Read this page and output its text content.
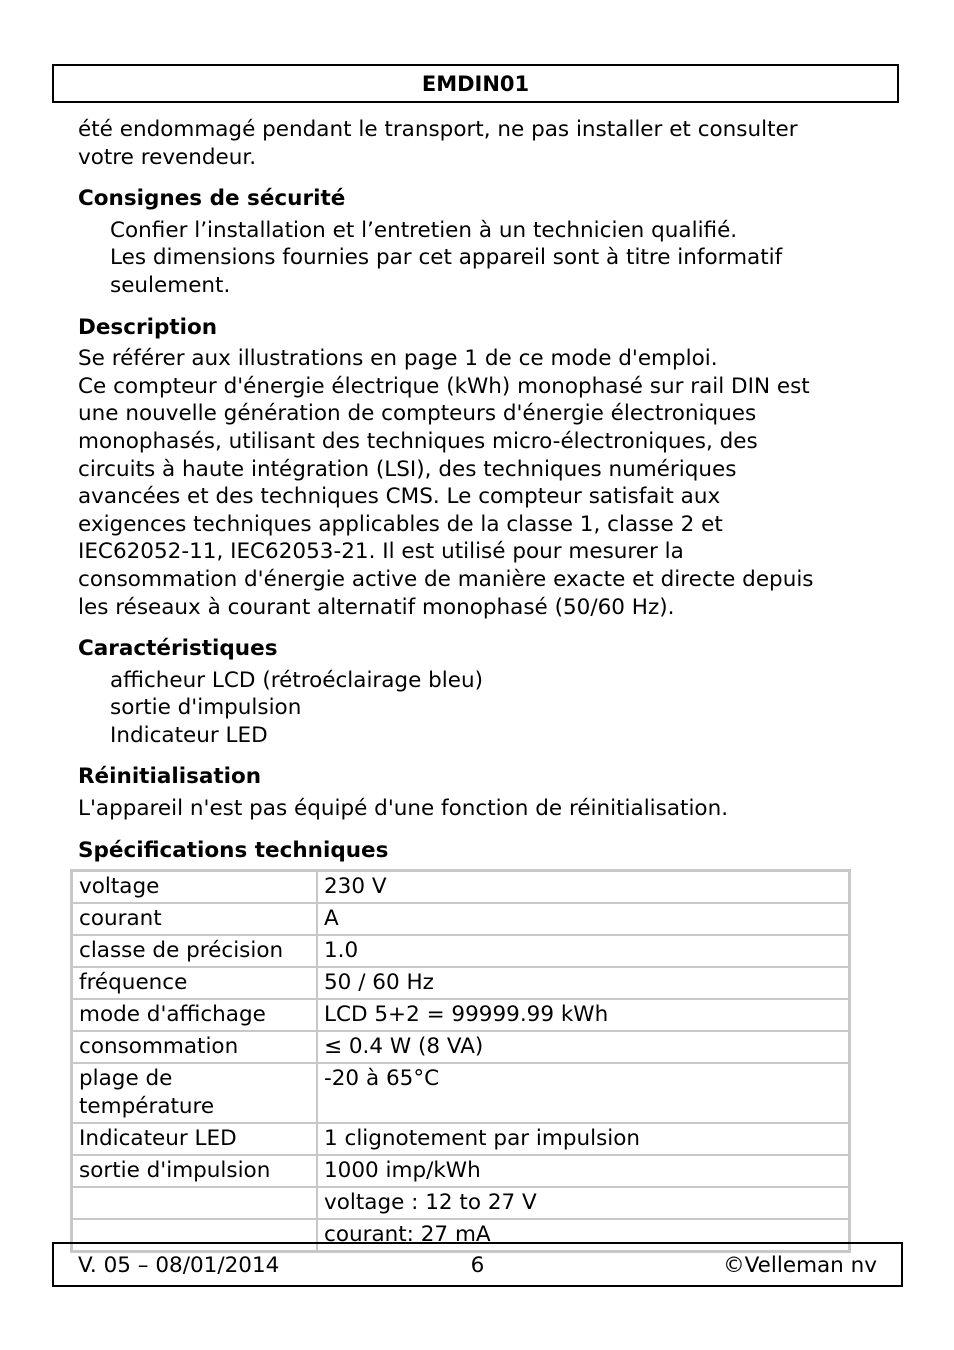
EMDIN01

été endommagé pendant le transport, ne pas installer et consulter
votre revendeur.

Consignes de sécurité
Confier l’installation et l’entretien à un technicien qualifié.
Les dimensions fournies par cet appareil sont à titre informatif
seulement.
Description

Se référer aux illustrations en page 1 de ce mode d'emploi.
Ce compteur d'énergie électrique (kWh) monophasé sur rail DIN est
une nouvelle génération de compteurs d'énergie électroniques
monophasés, utilisant des techniques micro-électroniques, des
circuits à haute intégration (LSI), des techniques numériques
avancées et des techniques CMS. Le compteur satisfait aux
exigences techniques applicables de la classe 1, classe 2 et
IEC62052-11, IEC62053-21. Il est utilisé pour mesurer la
consommation d'énergie active de manière exacte et directe depuis
les réseaux à courant alternatif monophasé (50/60 Hz).

Caractéristiques
afficheur LCD (rétroéclairage bleu)
sortie d'impulsion
Indicateur LED
Réinitialisation

L'appareil n'est pas équipé d'une fonction de réinitialisation.

Spécifications techniques
voltage	230 V
courant	A
classe de précision	1.0
fréquence	50 / 60 Hz
mode d'affichage	LCD 5+2 = 99999.99 kWh
consommation	≤ 0.4 W (8 VA)
plage de température	-20 à 65°C
Indicateur LED	1 clignotement par impulsion
sortie d'impulsion	1000 imp/kWh
	voltage : 12 to 27 V
	courant: 27 mA
V. 05 – 08/01/2014	6	©Velleman nv
